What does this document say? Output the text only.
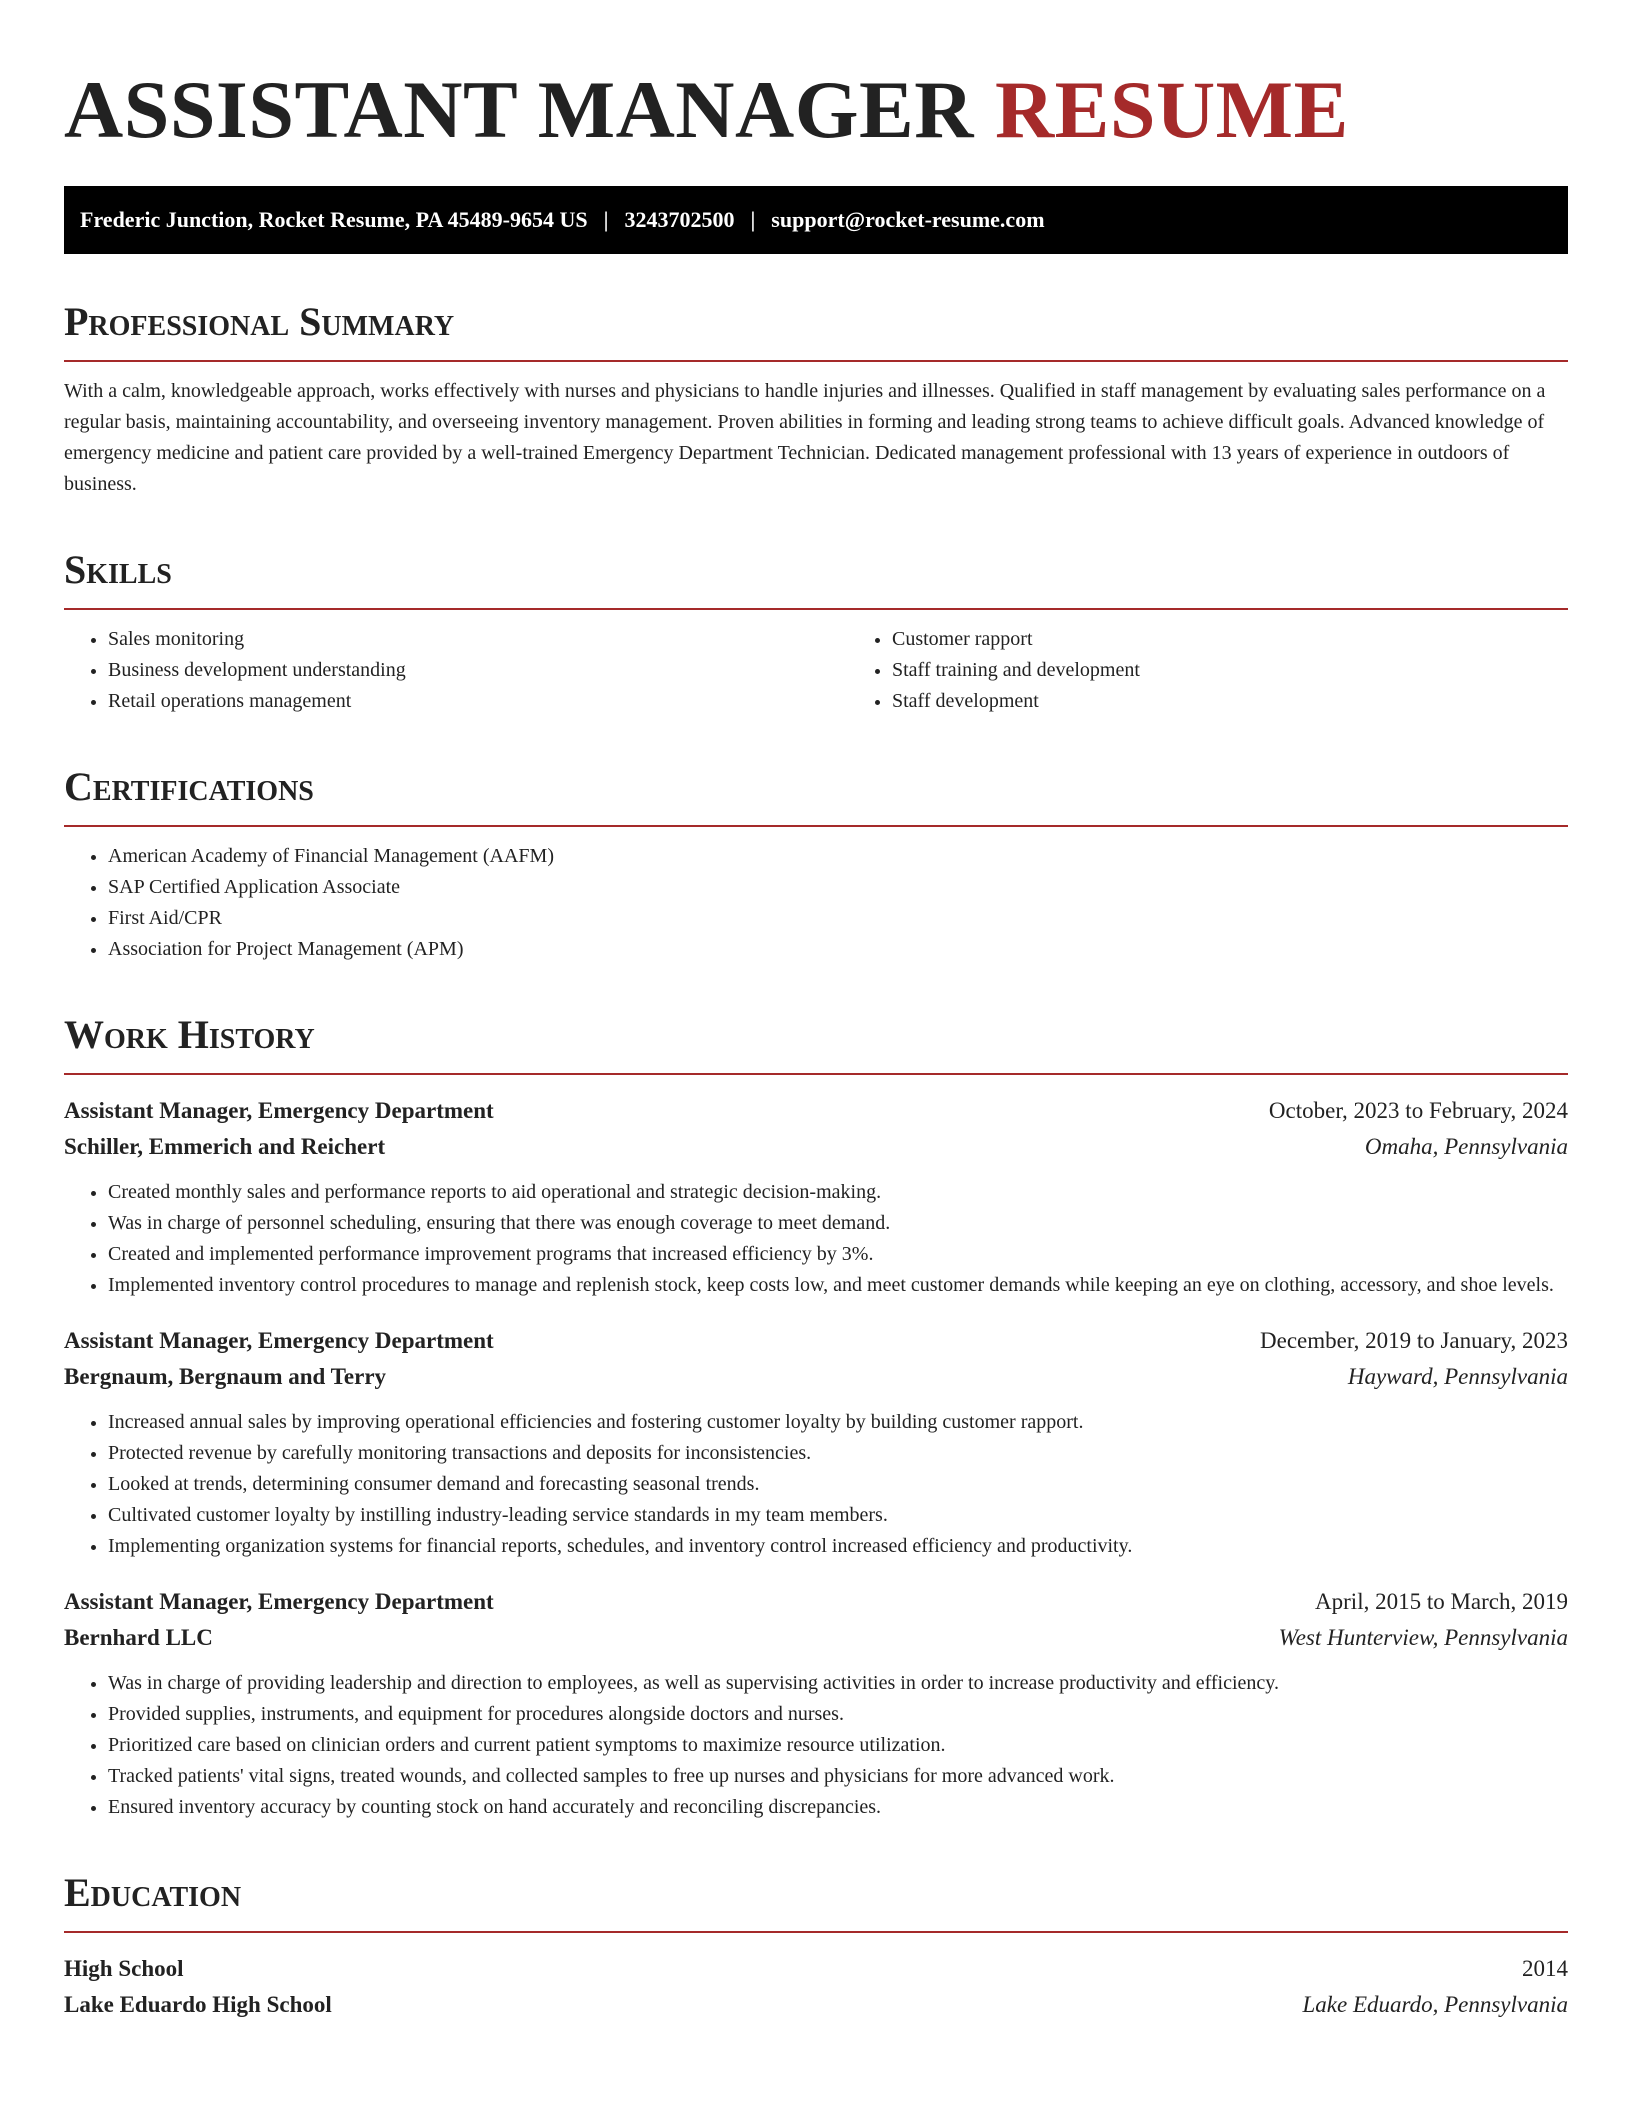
ASSISTANT MANAGER RESUME
Frederic Junction, Rocket Resume, PA 45489-9654 US | 3243702500 | support@rocket-resume.com
Professional Summary

With a calm, knowledgeable approach, works effectively with nurses and physicians to handle injuries and illnesses. Qualified in staff management by evaluating sales performance on a regular basis, maintaining accountability, and overseeing inventory management. Proven abilities in forming and leading strong teams to achieve difficult goals. Advanced knowledge of emergency medicine and patient care provided by a well-trained Emergency Department Technician. Dedicated management professional with 13 years of experience in outdoors of business.

Skills
• Sales monitoring
• Business development understanding
• Retail operations management
• Customer rapport
• Staff training and development
• Staff development
Certifications
• American Academy of Financial Management (AAFM)
• SAP Certified Application Associate
• First Aid/CPR
• Association for Project Management (APM)
Work History
Assistant Manager, Emergency Department	October, 2023 to February, 2024
Schiller, Emmerich and Reichert	Omaha, Pennsylvania
• Created monthly sales and performance reports to aid operational and strategic decision-making.
• Was in charge of personnel scheduling, ensuring that there was enough coverage to meet demand.
• Created and implemented performance improvement programs that increased efficiency by 3%.
• Implemented inventory control procedures to manage and replenish stock, keep costs low, and meet customer demands while keeping an eye on clothing, accessory, and shoe levels.
Assistant Manager, Emergency Department	December, 2019 to January, 2023
Bergnaum, Bergnaum and Terry	Hayward, Pennsylvania
• Increased annual sales by improving operational efficiencies and fostering customer loyalty by building customer rapport.
• Protected revenue by carefully monitoring transactions and deposits for inconsistencies.
• Looked at trends, determining consumer demand and forecasting seasonal trends.
• Cultivated customer loyalty by instilling industry-leading service standards in my team members.
• Implementing organization systems for financial reports, schedules, and inventory control increased efficiency and productivity.
Assistant Manager, Emergency Department	April, 2015 to March, 2019
Bernhard LLC	West Hunterview, Pennsylvania
• Was in charge of providing leadership and direction to employees, as well as supervising activities in order to increase productivity and efficiency.
• Provided supplies, instruments, and equipment for procedures alongside doctors and nurses.
• Prioritized care based on clinician orders and current patient symptoms to maximize resource utilization.
• Tracked patients' vital signs, treated wounds, and collected samples to free up nurses and physicians for more advanced work.
• Ensured inventory accuracy by counting stock on hand accurately and reconciling discrepancies.
Education
High School	2014
Lake Eduardo High School	Lake Eduardo, Pennsylvania
